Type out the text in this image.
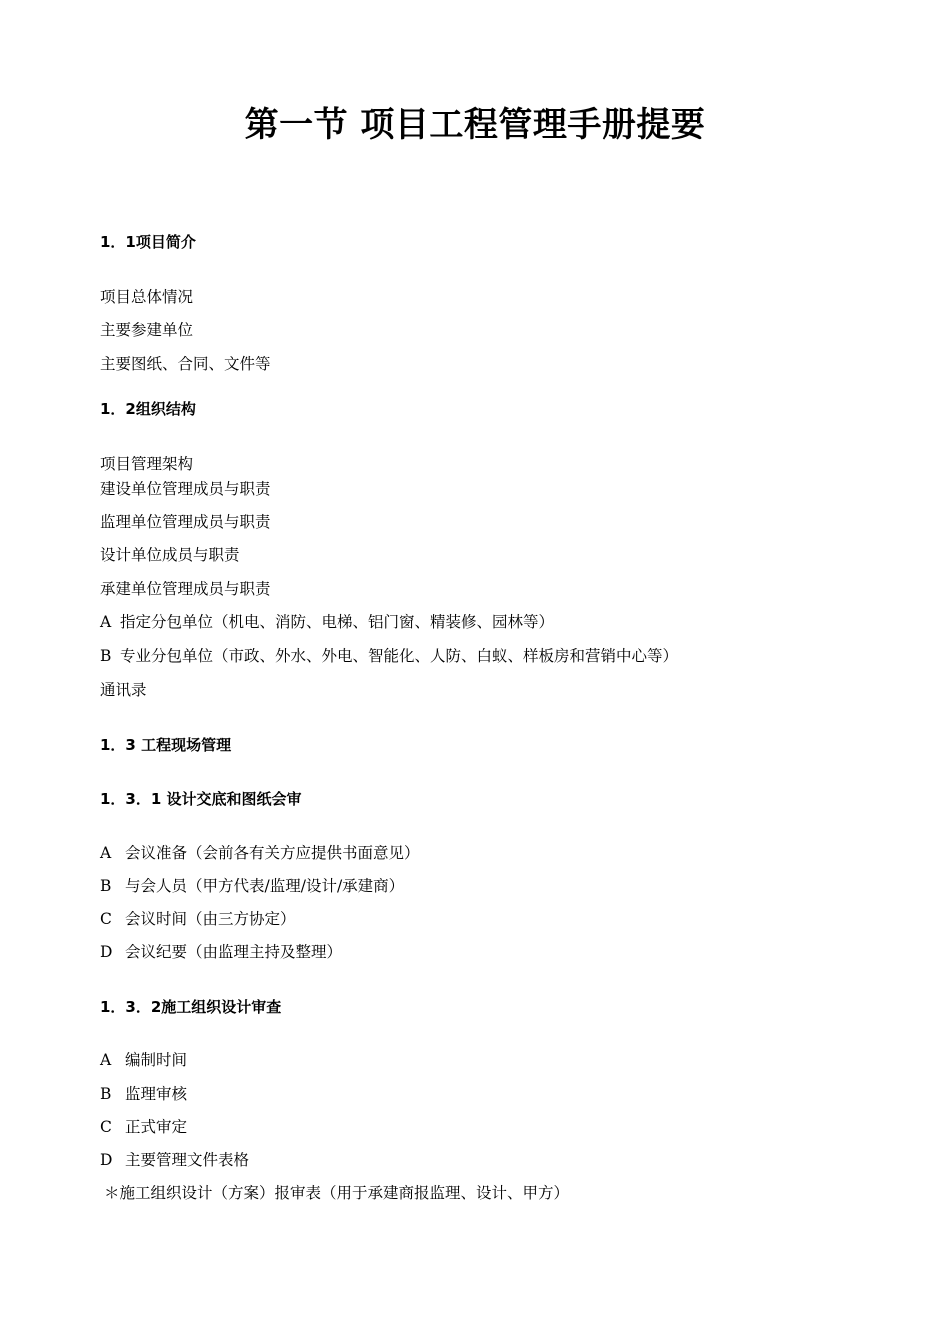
第一节 项目工程管理手册提要
1．1项目简介
项目总体情况
主要参建单位
主要图纸、合同、文件等
1．2组织结构
项目管理架构
建设单位管理成员与职责
监理单位管理成员与职责
设计单位成员与职责
承建单位管理成员与职责
A 指定分包单位（机电、消防、电梯、铝门窗、精装修、园林等）
B 专业分包单位（市政、外水、外电、智能化、人防、白蚁、样板房和营销中心等）
通讯录
1．3 工程现场管理
1．3．1 设计交底和图纸会审
A 会议准备（会前各有关方应提供书面意见）
B 与会人员（甲方代表/监理/设计/承建商）
C 会议时间（由三方协定）
D 会议纪要（由监理主持及整理）
1．3．2施工组织设计审查
A 编制时间
B 监理审核
C 正式审定
D 主要管理文件表格
＊施工组织设计（方案）报审表（用于承建商报监理、设计、甲方）
